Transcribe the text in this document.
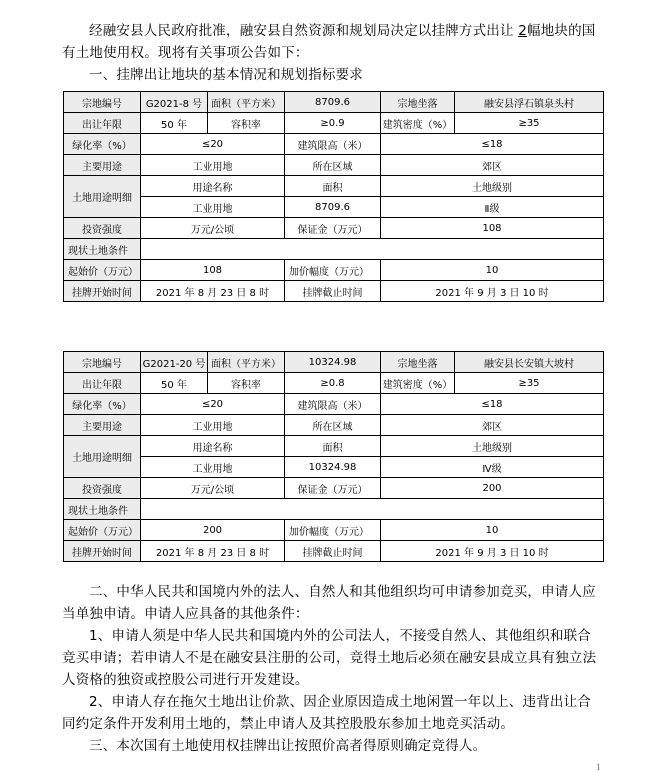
经融安县人民政府批准，融安县自然资源和规划局决定以挂牌方式出让 2幅地块的国有土地使用权。现将有关事项公告如下：
一、挂牌出让地块的基本情况和规划指标要求
宗地编号	G2021-8 号	面积（平方米）	8709.6	宗地坐落	融安县浮石镇泉头村
出让年限	50 年	容积率	≥0.9	建筑密度（%）	≥35
绿化率（%）	≤20		建筑限高（米）	≤18	
主要用途	工业用地		所在区域	郊区	
土地用途明细	用途名称		面积	土地级别	
	工业用地		8709.6	Ⅱ级	
投资强度	万元/公顷		保证金（万元）	108	
现状土地条件					
起始价（万元）	108		加价幅度（万元）	10	
挂牌开始时间	2021 年 8 月 23 日 8 时		挂牌截止时间	2021 年 9 月 3 日 10 时	
宗地编号	G2021-20 号	面积（平方米）	10324.98	宗地坐落	融安县长安镇大坡村
出让年限	50 年	容积率	≥0.8	建筑密度（%）	≥35
绿化率（%）	≤20		建筑限高（米）	≤18	
主要用途	工业用地		所在区域	郊区	
土地用途明细	用途名称		面积	土地级别	
	工业用地		10324.98	Ⅳ级	
投资强度	万元/公顷		保证金（万元）	200	
现状土地条件					
起始价（万元）	200		加价幅度（万元）	10	
挂牌开始时间	2021 年 8 月 23 日 8 时		挂牌截止时间	2021 年 9 月 3 日 10 时	
二、中华人民共和国境内外的法人、自然人和其他组织均可申请参加竞买，申请人应当单独申请。申请人应具备的其他条件：
1、申请人须是中华人民共和国境内外的公司法人，不接受自然人、其他组织和联合竞买申请；若申请人不是在融安县注册的公司，竞得土地后必须在融安县成立具有独立法人资格的独资或控股公司进行开发建设。
2、申请人存在拖欠土地出让价款、因企业原因造成土地闲置一年以上、违背出让合同约定条件开发利用土地的，禁止申请人及其控股股东参加土地竞买活动。
三、本次国有土地使用权挂牌出让按照价高者得原则确定竞得人。
1
